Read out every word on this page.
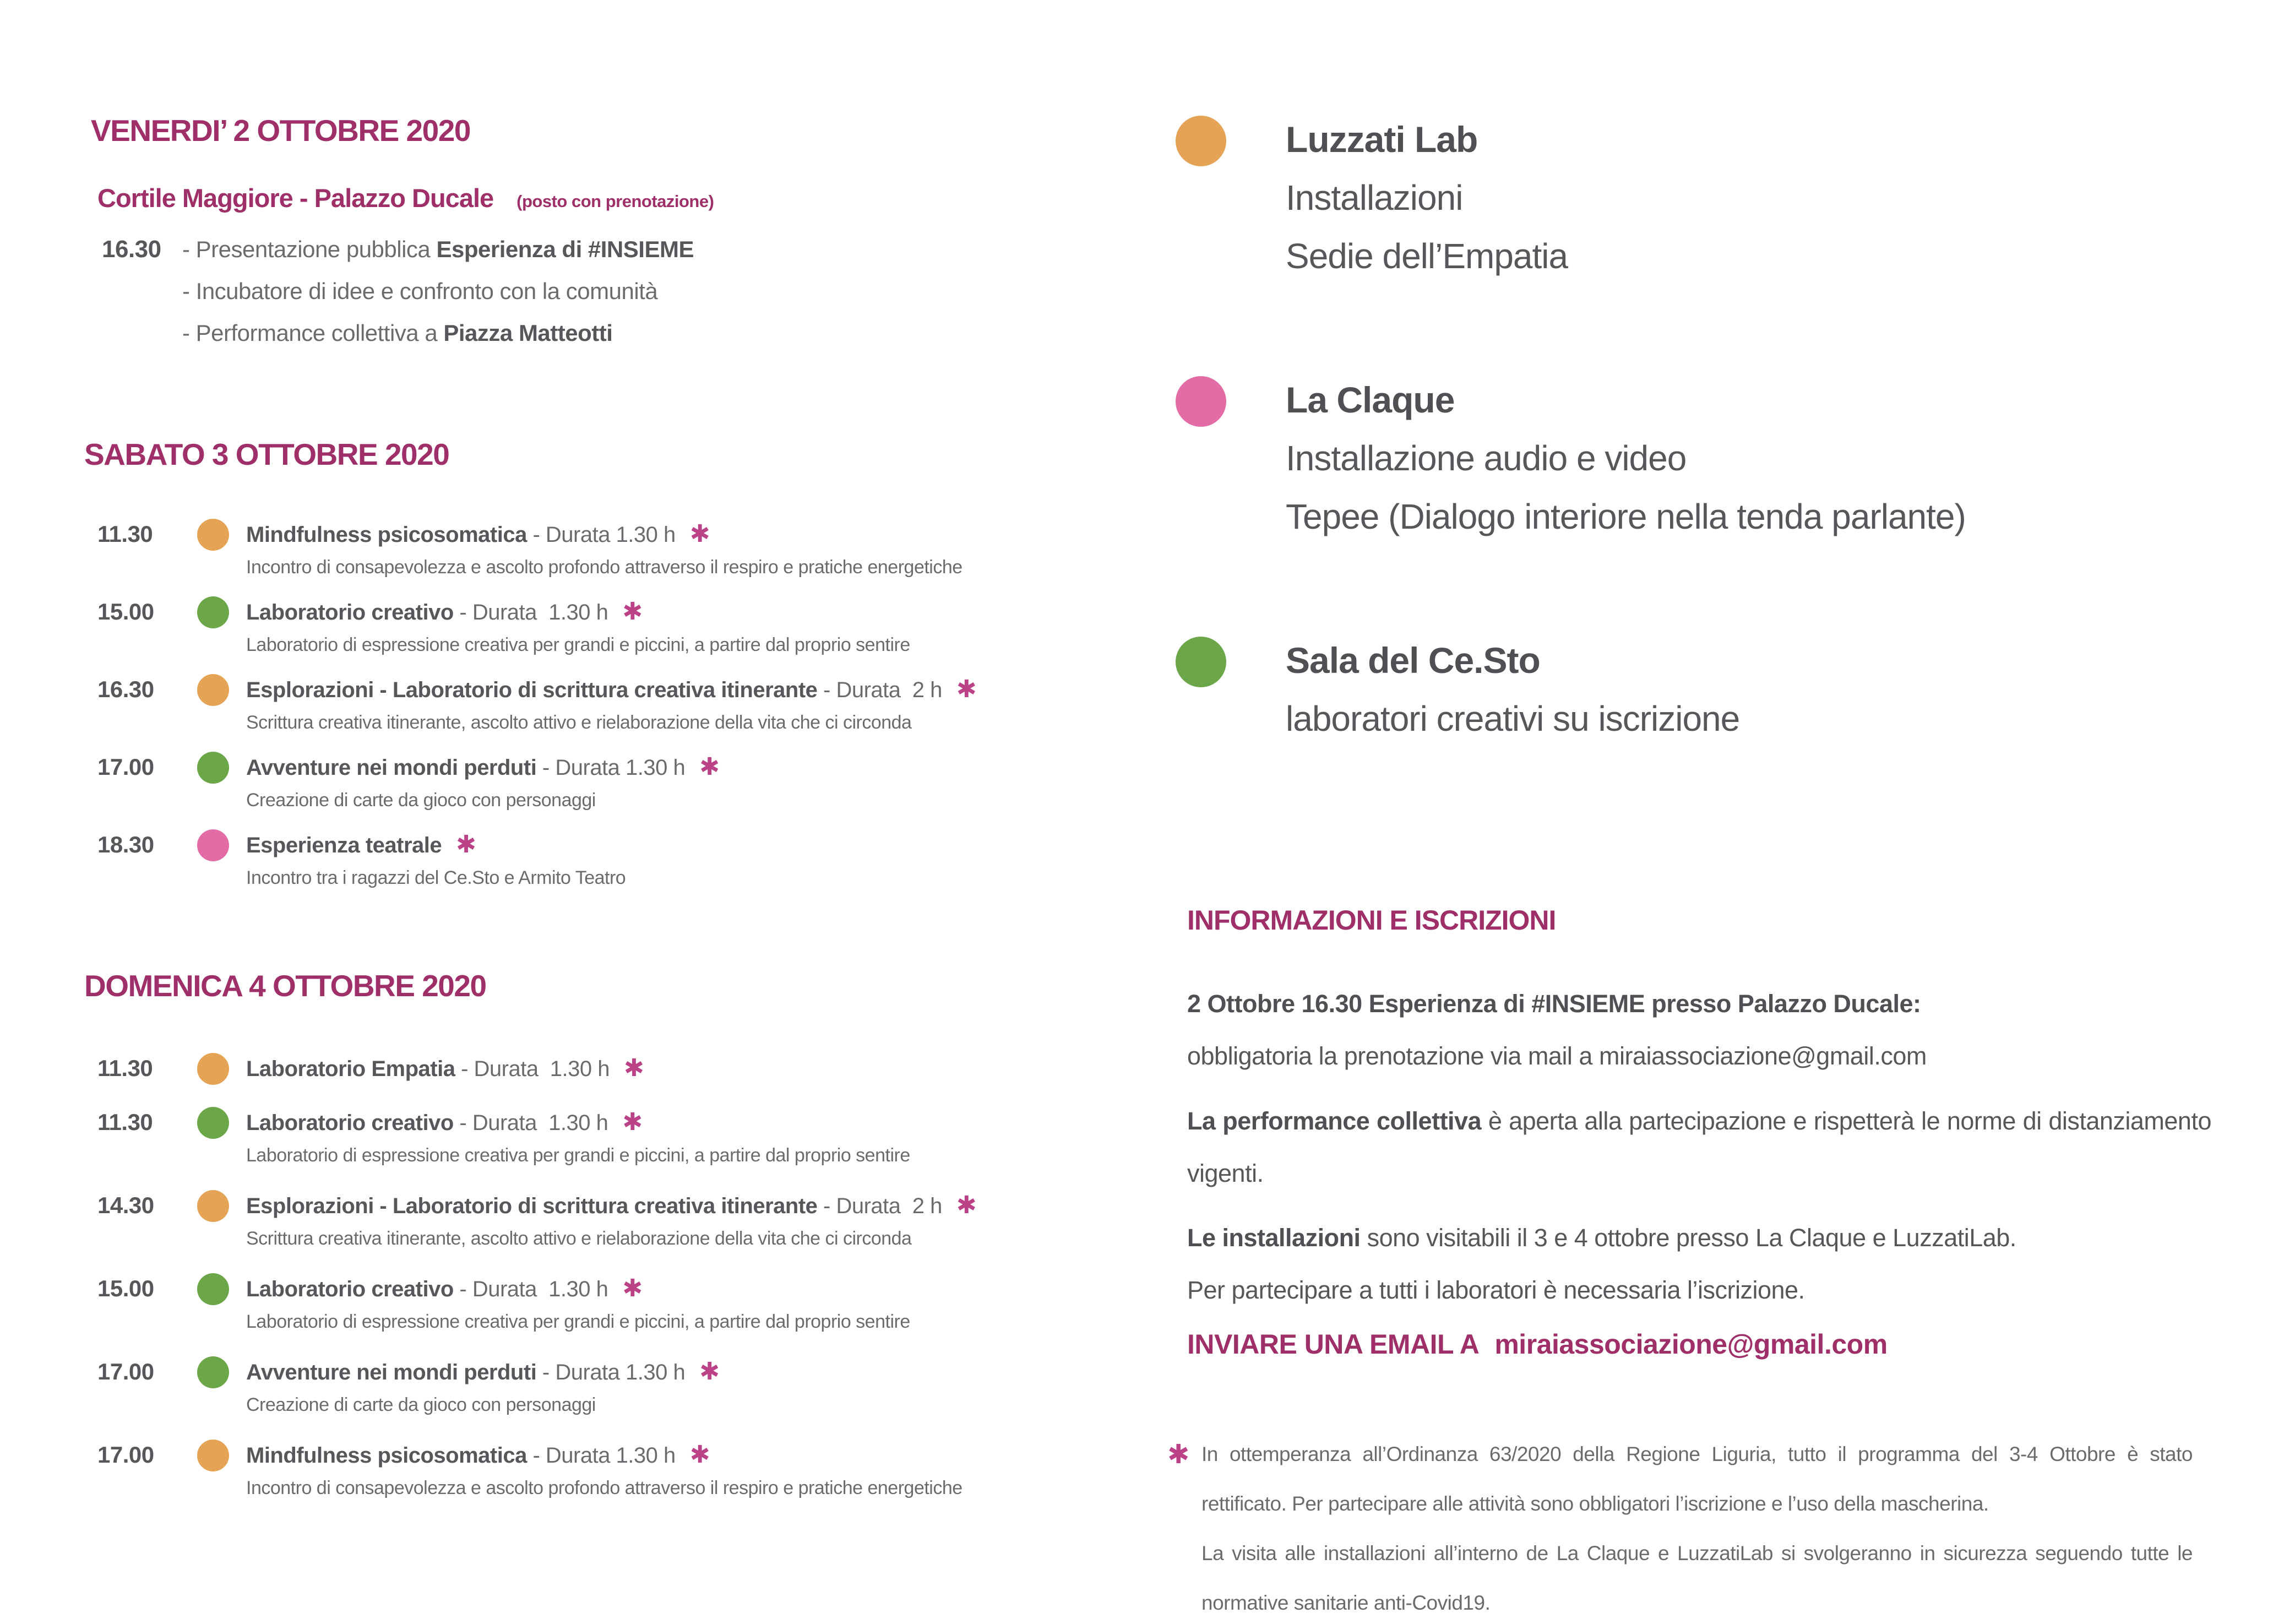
VENERDI’ 2 OTTOBRE 2020
Cortile Maggiore - Palazzo Ducale (posto con prenotazione)
16.30 - Presentazione pubblica Esperienza di #INSIEME
- Incubatore di idee e confronto con la comunità
- Performance collettiva a Piazza Matteotti
SABATO 3 OTTOBRE 2020
11.30	Mindfulness psicosomatica - Durata 1.30 h ✱
Incontro di consapevolezza e ascolto profondo attraverso il respiro e pratiche energetiche
15.00	Laboratorio creativo - Durata  1.30 h ✱
Laboratorio di espressione creativa per grandi e piccini, a partire dal proprio sentire
16.30	Esplorazioni - Laboratorio di scrittura creativa itinerante - Durata  2 h ✱
Scrittura creativa itinerante, ascolto attivo e rielaborazione della vita che ci circonda
17.00	Avventure nei mondi perduti - Durata 1.30 h ✱
Creazione di carte da gioco con personaggi
18.30	Esperienza teatrale ✱
Incontro tra i ragazzi del Ce.Sto e Armito Teatro
DOMENICA 4 OTTOBRE 2020
11.30	Laboratorio Empatia - Durata  1.30 h ✱
11.30	Laboratorio creativo - Durata  1.30 h ✱
Laboratorio di espressione creativa per grandi e piccini, a partire dal proprio sentire
14.30	Esplorazioni - Laboratorio di scrittura creativa itinerante - Durata  2 h ✱
Scrittura creativa itinerante, ascolto attivo e rielaborazione della vita che ci circonda
15.00	Laboratorio creativo - Durata  1.30 h ✱
Laboratorio di espressione creativa per grandi e piccini, a partire dal proprio sentire
17.00	Avventure nei mondi perduti - Durata 1.30 h ✱
Creazione di carte da gioco con personaggi
17.00	Mindfulness psicosomatica - Durata 1.30 h ✱
Incontro di consapevolezza e ascolto profondo attraverso il respiro e pratiche energetiche
Luzzati Lab
Installazioni
Sedie dell’Empatia
La Claque
Installazione audio e video
Tepee (Dialogo interiore nella tenda parlante)
Sala del Ce.Sto
laboratori creativi su iscrizione
INFORMAZIONI E ISCRIZIONI
2 Ottobre 16.30 Esperienza di #INSIEME presso Palazzo Ducale:
obbligatoria la prenotazione via mail a miraiassociazione@gmail.com
La performance collettiva è aperta alla partecipazione e rispetterà le norme di distanziamento vigenti.
Le installazioni sono visitabili il 3 e 4 ottobre presso La Claque e LuzzatiLab.
Per partecipare a tutti i laboratori è necessaria l’iscrizione.
INVIARE UNA EMAIL A miraiassociazione@gmail.com
✱ In ottemperanza all’Ordinanza 63/2020 della Regione Liguria, tutto il programma del 3-4 Ottobre è stato rettificato. Per partecipare alle attività sono obbligatori l’iscrizione e l’uso della mascherina.
La visita alle installazioni all’interno de La Claque e LuzzatiLab si svolgeranno in sicurezza seguendo tutte le normative sanitarie anti-Covid19.
